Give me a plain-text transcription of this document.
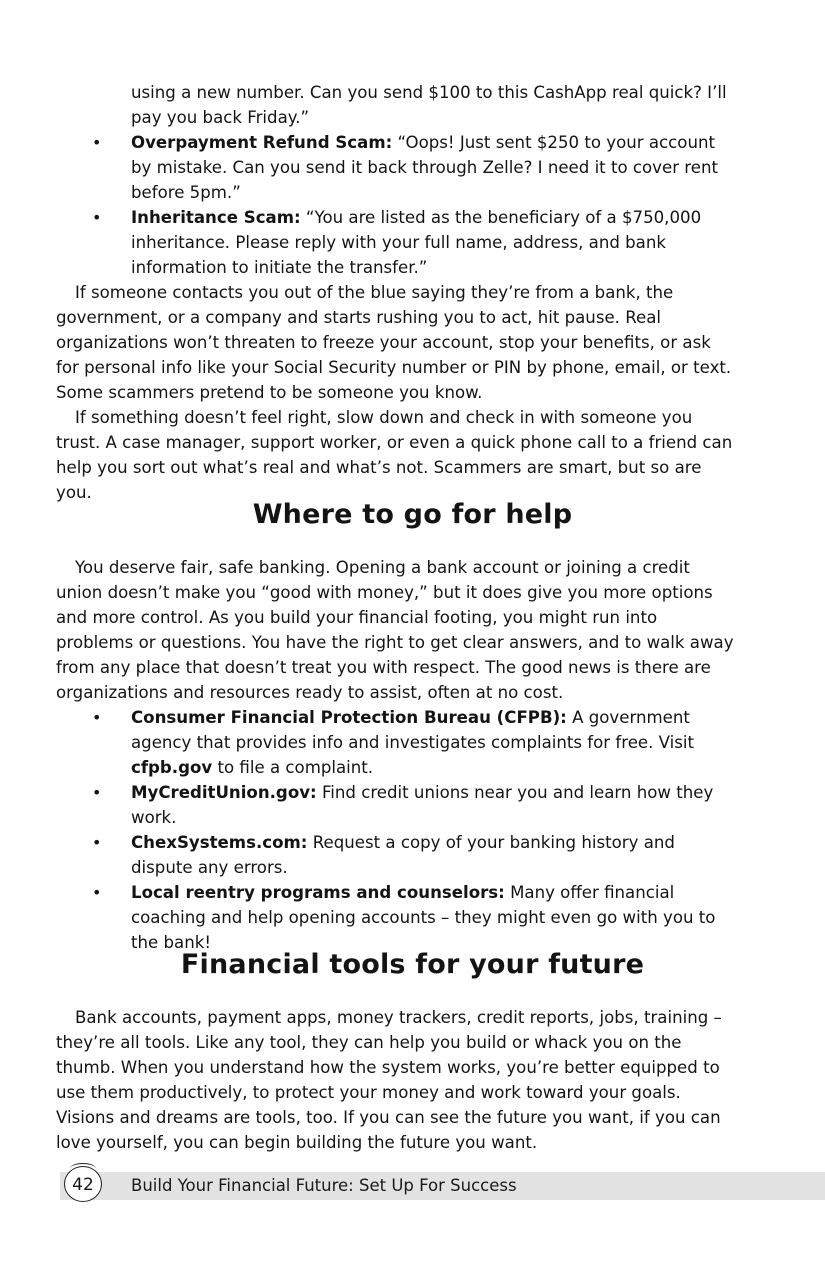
using a new number. Can you send $100 to this CashApp real quick? I’ll

pay you back Friday.”

• Overpayment Refund Scam: “Oops! Just sent $250 to your account by mistake. Can you send it back through Zelle? I need it to cover rent before 5pm.”
• Inheritance Scam: “You are listed as the beneficiary of a $750,000 inheritance. Please reply with your full name, address, and bank information to initiate the transfer.”

If someone contacts you out of the blue saying they’re from a bank, the government, or a company and starts rushing you to act, hit pause. Real organizations won’t threaten to freeze your account, stop your benefits, or ask for personal info like your Social Security number or PIN by phone, email, or text. Some scammers pretend to be someone you know.

If something doesn’t feel right, slow down and check in with someone you trust. A case manager, support worker, or even a quick phone call to a friend can help you sort out what’s real and what’s not. Scammers are smart, but so are you.

Where to go for help

You deserve fair, safe banking. Opening a bank account or joining a credit union doesn’t make you “good with money,” but it does give you more options and more control. As you build your financial footing, you might run into problems or questions. You have the right to get clear answers, and to walk away from any place that doesn’t treat you with respect. The good news is there are organizations and resources ready to assist, often at no cost.

• Consumer Financial Protection Bureau (CFPB): A government agency that provides info and investigates complaints for free. Visit cfpb.gov to file a complaint.
• MyCreditUnion.gov: Find credit unions near you and learn how they work.
• ChexSystems.com: Request a copy of your banking history and dispute any errors.
• Local reentry programs and counselors: Many offer financial coaching and help opening accounts – they might even go with you to the bank!
Financial tools for your future

Bank accounts, payment apps, money trackers, credit reports, jobs, training – they’re all tools. Like any tool, they can help you build or whack you on the thumb. When you understand how the system works, you’re better equipped to use them productively, to protect your money and work toward your goals. Visions and dreams are tools, too. If you can see the future you want, if you can love yourself, you can begin building the future you want.

42	Build Your Financial Future: Set Up For Success
